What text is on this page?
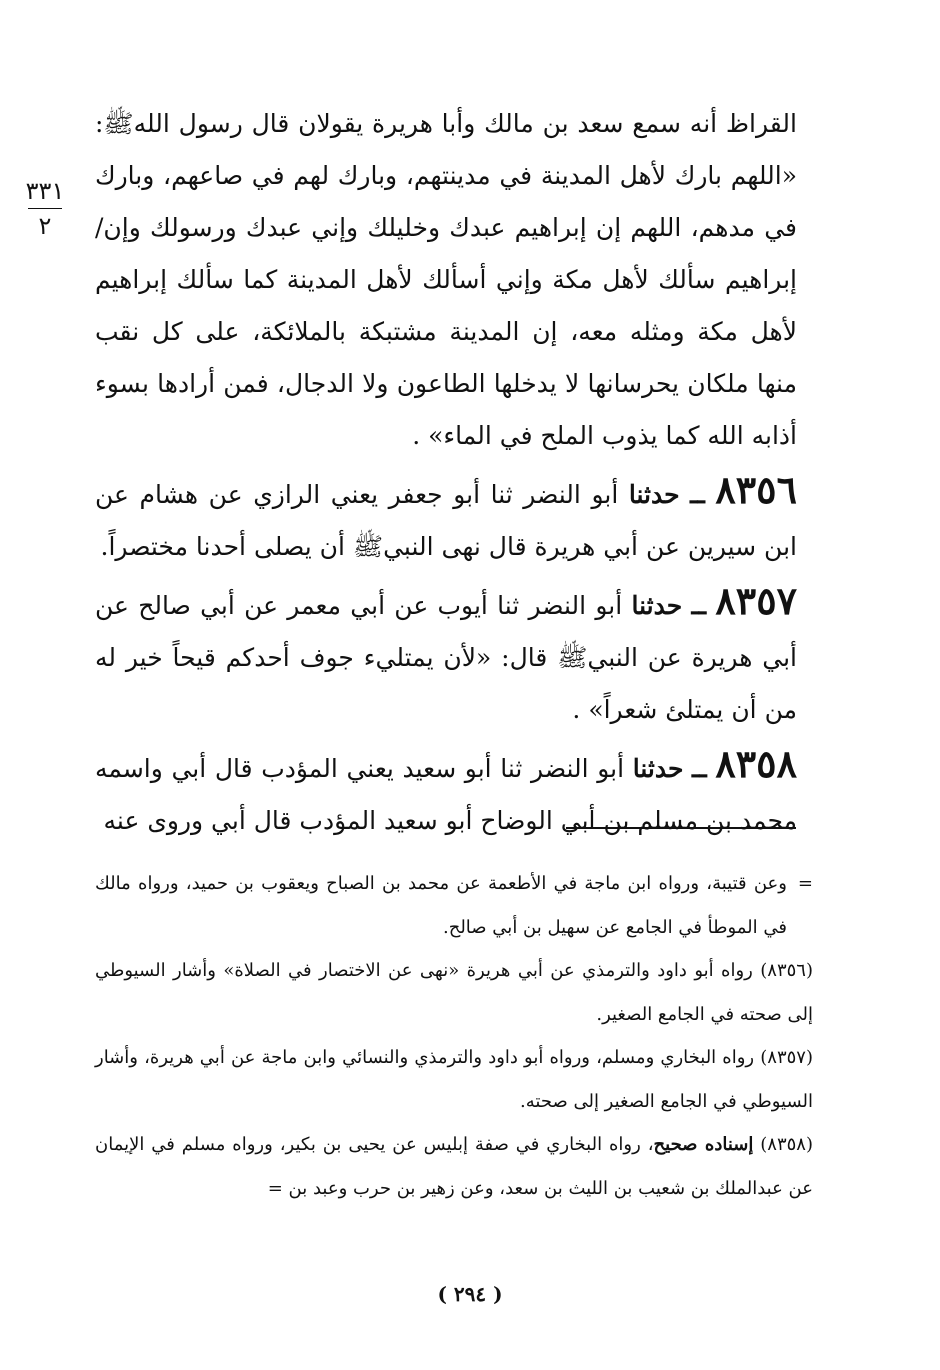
٣٣١
٢

القراظ أنه سمع سعد بن مالك وأبا هريرة يقولان قال رسول اللهﷺ: «اللهم بارك لأهل المدينة في مدينتهم، وبارك لهم في صاعهم، وبارك في مدهم، اللهم إن إبراهيم عبدك وخليلك وإني عبدك ورسولك وإن/ إبراهيم سألك لأهل مكة وإني أسألك لأهل المدينة كما سألك إبراهيم لأهل مكة ومثله معه، إن المدينة مشتبكة بالملائكة، على كل نقب منها ملكان يحرسانها لا يدخلها الطاعون ولا الدجال، فمن أرادها بسوء أذابه الله كما يذوب الملح في الماء» .

٨٣٥٦ ــ حدثنا أبو النضر ثنا أبو جعفر يعني الرازي عن هشام عن ابن سيرين عن أبي هريرة قال نهى النبيﷺ أن يصلى أحدنا مختصراً.

٨٣٥٧ ــ حدثنا أبو النضر ثنا أيوب عن أبي معمر عن أبي صالح عن أبي هريرة عن النبيﷺ قال: «لأن يمتليء جوف أحدكم قيحاً خير له من أن يمتلئ شعراً» .

٨٣٥٨ ــ حدثنا أبو النضر ثنا أبو سعيد يعني المؤدب قال أبي واسمه محمد بن مسلم بن أبي الوضاح أبو سعيد المؤدب قال أبي وروى عنه

=
وعن قتيبة، ورواه ابن ماجة في الأطعمة عن محمد بن الصباح ويعقوب بن حميد، ورواه مالك في الموطأ في الجامع عن سهيل بن أبي صالح.

(٨٣٥٦) رواه أبو داود والترمذي عن أبي هريرة «نهى عن الاختصار في الصلاة» وأشار السيوطي إلى صحته في الجامع الصغير.

(٨٣٥٧) رواه البخاري ومسلم، ورواه أبو داود والترمذي والنسائي وابن ماجة عن أبي هريرة، وأشار السيوطي في الجامع الصغير إلى صحته.

(٨٣٥٨) إسناده صحيح، رواه البخاري في صفة إبليس عن يحيى بن بكير، ورواه مسلم في الإيمان عن عبدالملك بن شعيب بن الليث بن سعد، وعن زهير بن حرب وعبد بن =

( ٢٩٤ )
